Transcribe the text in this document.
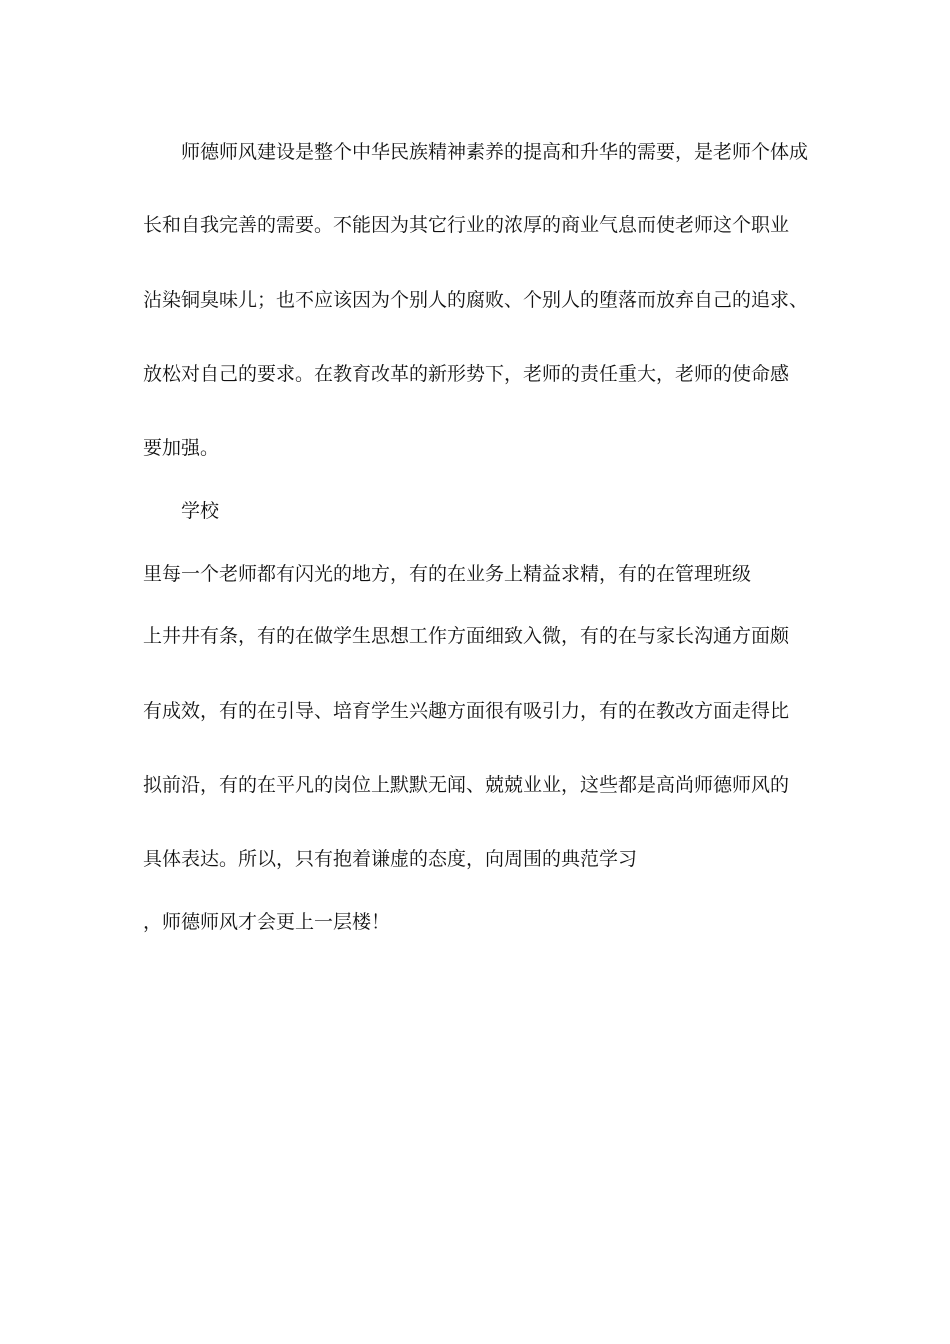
　　师德师风建设是整个中华民族精神素养的提高和升华的需要，是老师个体成

长和自我完善的需要。不能因为其它行业的浓厚的商业气息而使老师这个职业

沾染铜臭味儿；也不应该因为个别人的腐败、个别人的堕落而放弃自己的追求、

放松对自己的要求。在教育改革的新形势下，老师的责任重大，老师的使命感

要加强。

　　学校

里每一个老师都有闪光的地方，有的在业务上精益求精，有的在管理班级

上井井有条，有的在做学生思想工作方面细致入微，有的在与家长沟通方面颇

有成效，有的在引导、培育学生兴趣方面很有吸引力，有的在教改方面走得比

拟前沿，有的在平凡的岗位上默默无闻、兢兢业业，这些都是高尚师德师风的

具体表达。所以，只有抱着谦虚的态度，向周围的典范学习

，师德师风才会更上一层楼！
